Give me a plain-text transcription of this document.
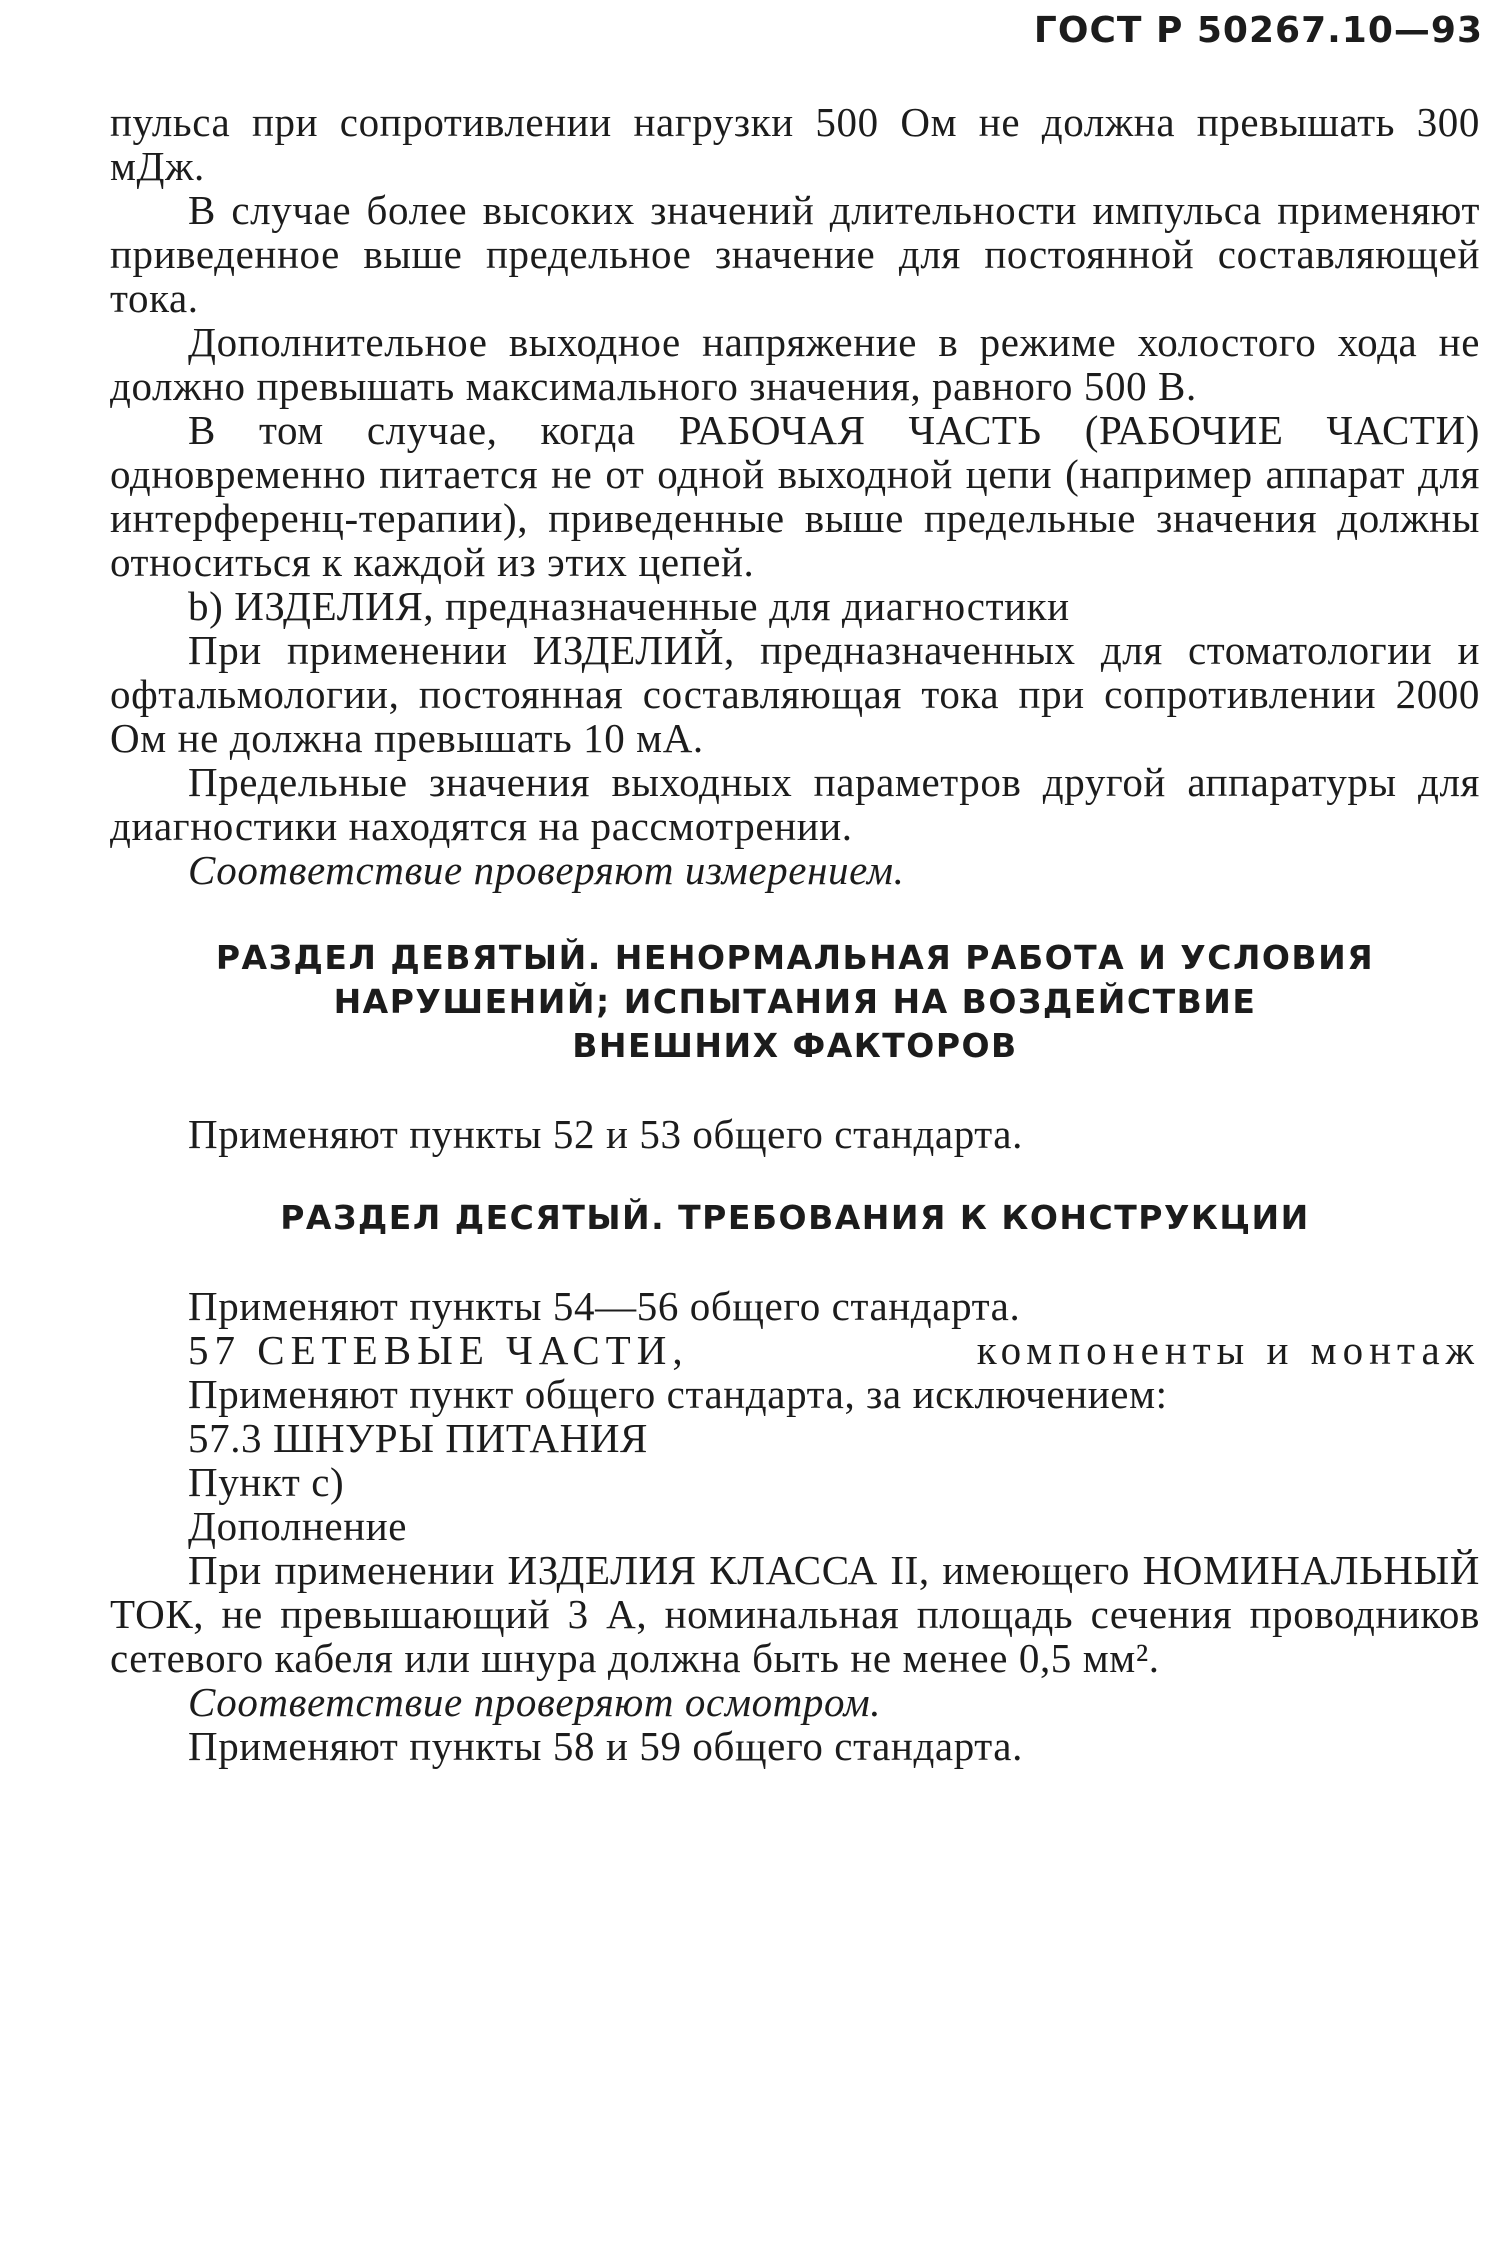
ГОСТ Р 50267.10—93

пульса при сопротивлении нагрузки 500 Ом не должна превышать 300 мДж.

В случае более высоких значений длительности импульса применяют приведенное выше предельное значение для постоянной составляющей тока.

Дополнительное выходное напряжение в режиме холостого хода не должно превышать максимального значения, равного 500 В.

В том случае, когда РАБОЧАЯ ЧАСТЬ (РАБОЧИЕ ЧАСТИ) одновременно питается не от одной выходной цепи (например аппарат для интерференц-терапии), приведенные выше предельные значения должны относиться к каждой из этих цепей.

b) ИЗДЕЛИЯ, предназначенные для диагностики

При применении ИЗДЕЛИЙ, предназначенных для стоматологии и офтальмологии, постоянная составляющая тока при сопротивлении 2000 Ом не должна превышать 10 мА.

Предельные значения выходных параметров другой аппаратуры для диагностики находятся на рассмотрении.

Соответствие проверяют измерением.

РАЗДЕЛ ДЕВЯТЫЙ. НЕНОРМАЛЬНАЯ РАБОТА И УСЛОВИЯ

НАРУШЕНИЙ; ИСПЫТАНИЯ НА ВОЗДЕЙСТВИЕ

ВНЕШНИХ ФАКТОРОВ

Применяют пункты 52 и 53 общего стандарта.

РАЗДЕЛ ДЕСЯТЫЙ. ТРЕБОВАНИЯ К КОНСТРУКЦИИ

Применяют пункты 54—56 общего стандарта.

57 СЕТЕВЫЕ ЧАСТИ,	компоненты и монтаж

Применяют пункт общего стандарта, за исключением:

57.3 ШНУРЫ ПИТАНИЯ

Пункт с)

Дополнение

При применении ИЗДЕЛИЯ КЛАССА II, имеющего НОМИНАЛЬНЫЙ ТОК, не превышающий 3 А, номинальная площадь сечения проводников сетевого кабеля или шнура должна быть не менее 0,5 мм².

Соответствие проверяют осмотром.

Применяют пункты 58 и 59 общего стандарта.
